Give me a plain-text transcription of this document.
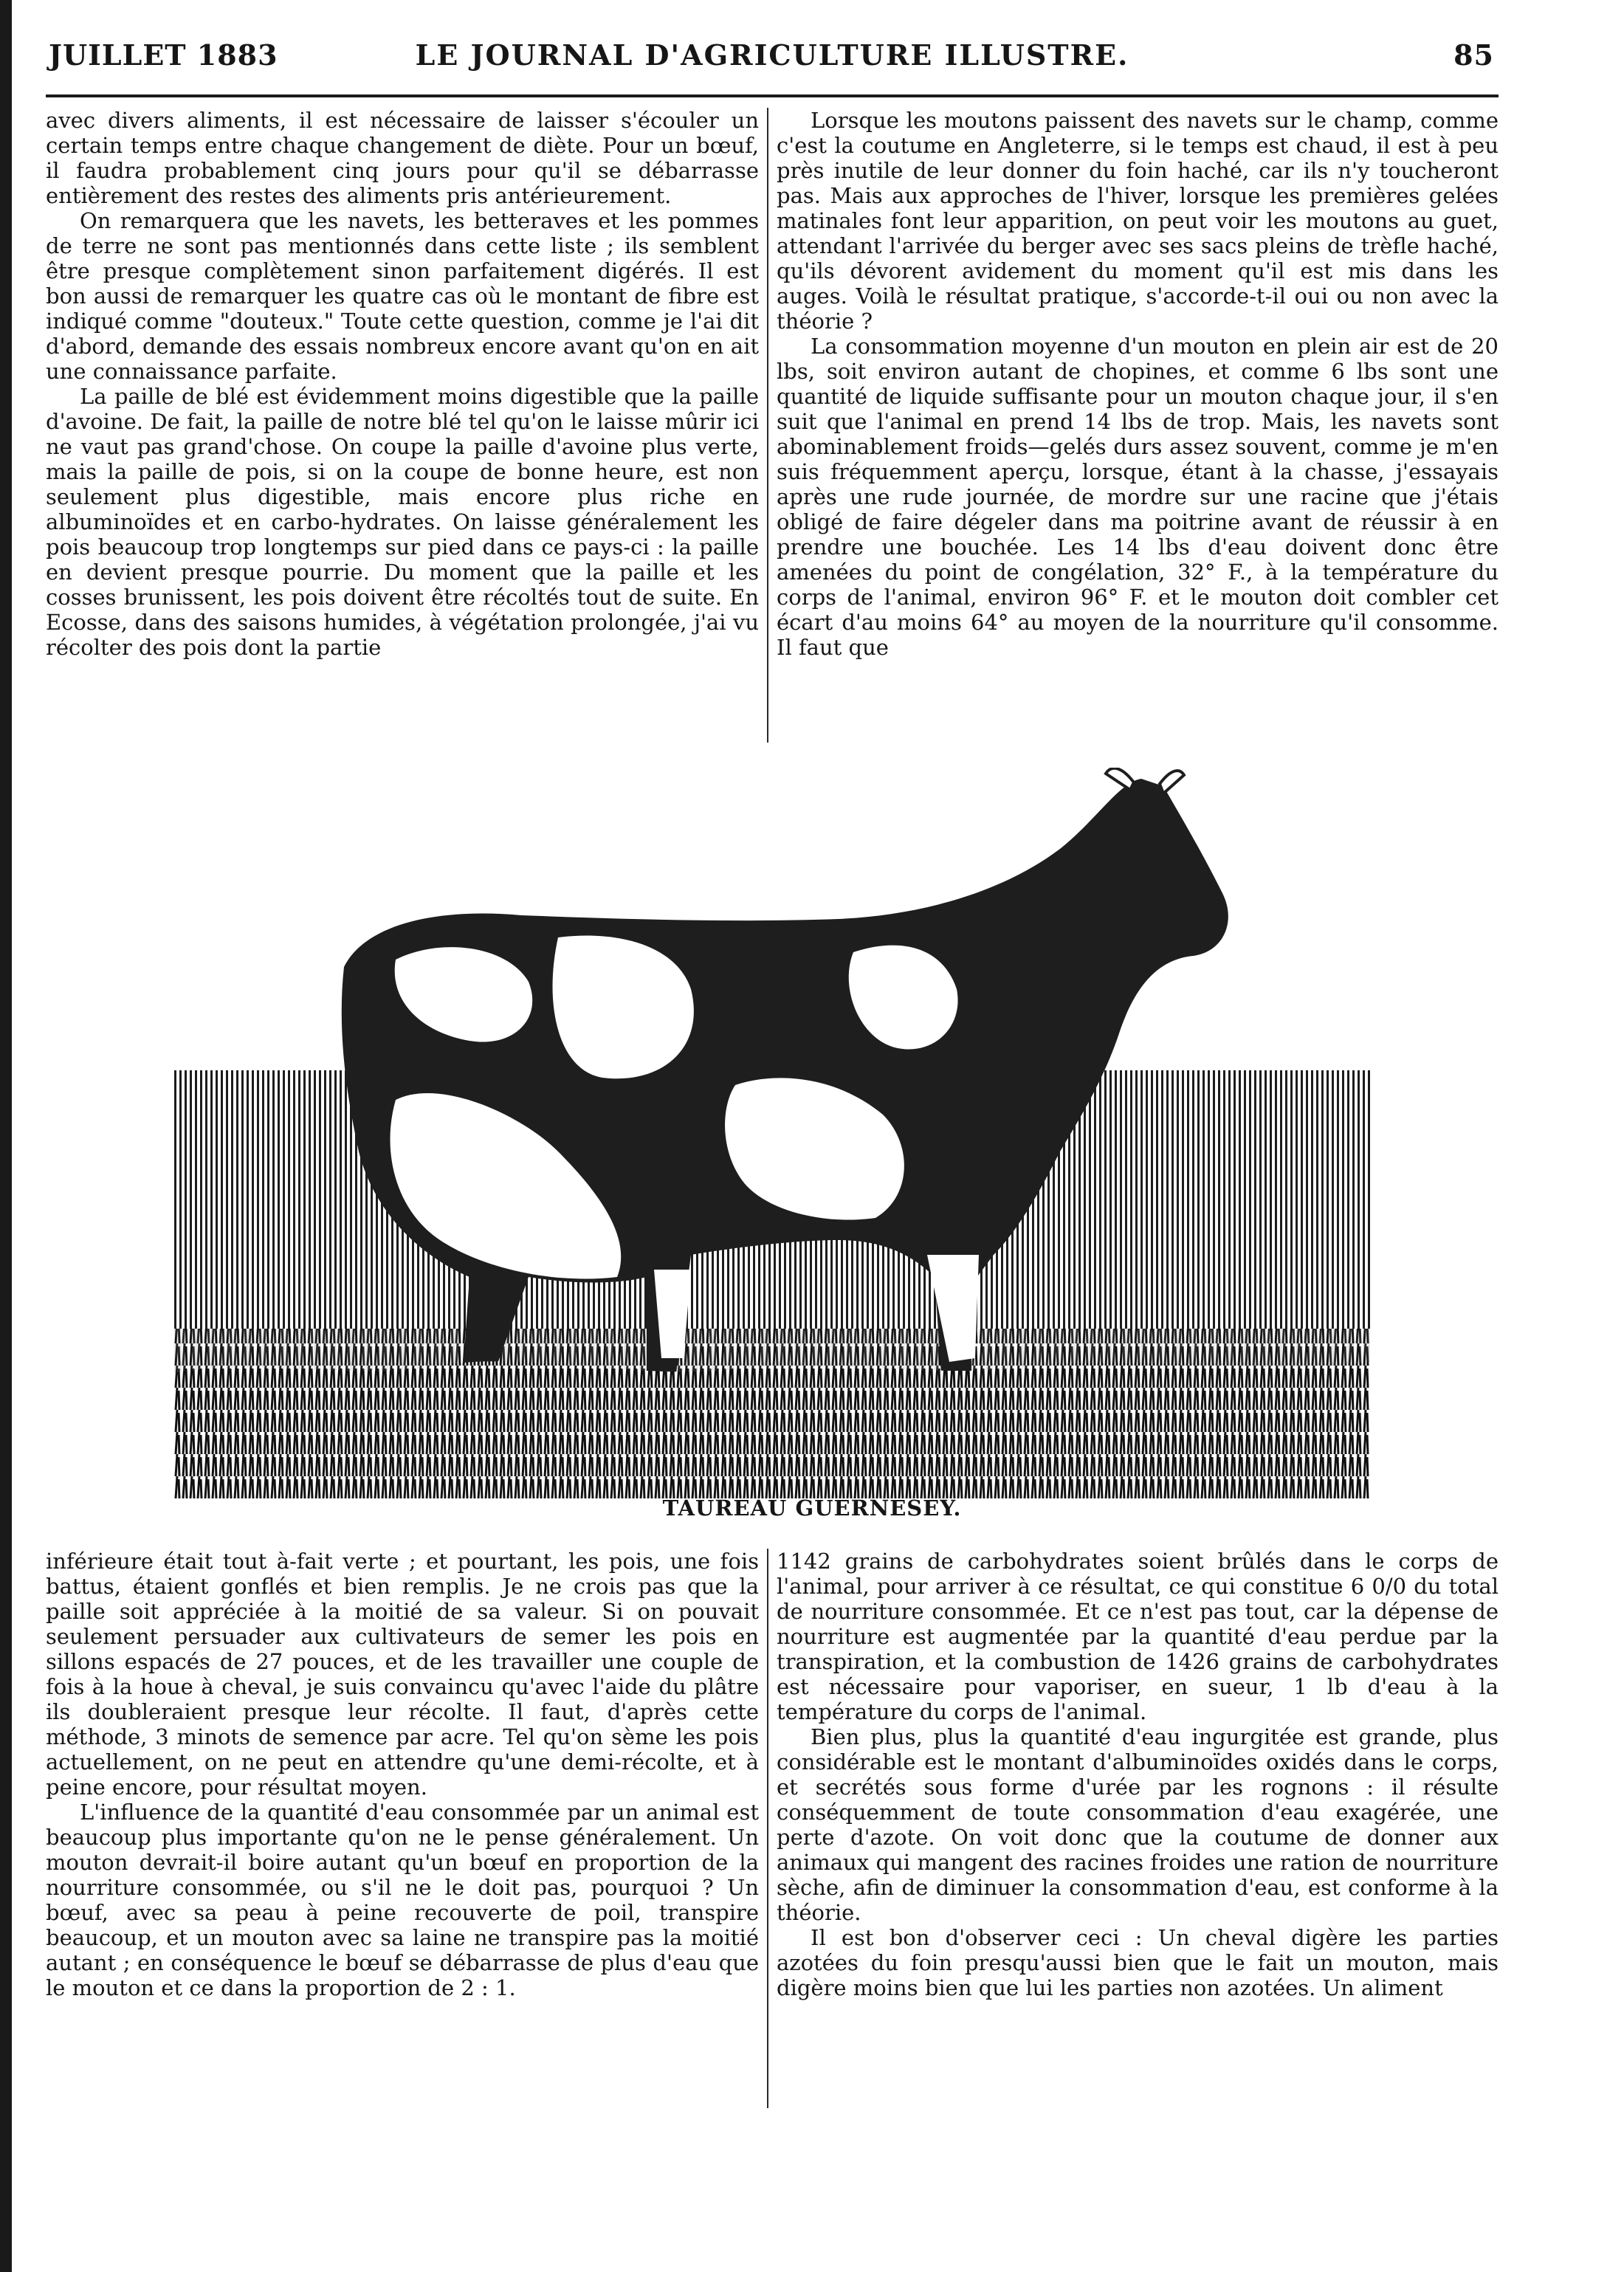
JUILLET 1883	LE JOURNAL D'AGRICULTURE ILLUSTRE.	85

avec divers aliments, il est nécessaire de laisser s'écouler un certain temps entre chaque changement de diète. Pour un bœuf, il faudra probablement cinq jours pour qu'il se débarrasse entièrement des restes des aliments pris antérieurement.

On remarquera que les navets, les betteraves et les pommes de terre ne sont pas mentionnés dans cette liste ; ils semblent être presque complètement sinon parfaitement digérés. Il est bon aussi de remarquer les quatre cas où le montant de fibre est indiqué comme "douteux." Toute cette question, comme je l'ai dit d'abord, demande des essais nombreux encore avant qu'on en ait une connaissance parfaite.

La paille de blé est évidemment moins digestible que la paille d'avoine. De fait, la paille de notre blé tel qu'on le laisse mûrir ici ne vaut pas grand'chose. On coupe la paille d'avoine plus verte, mais la paille de pois, si on la coupe de bonne heure, est non seulement plus digestible, mais encore plus riche en albuminoïdes et en carbo-hydrates. On laisse généralement les pois beaucoup trop longtemps sur pied dans ce pays-ci : la paille en devient presque pourrie. Du moment que la paille et les cosses brunissent, les pois doivent être récoltés tout de suite. En Ecosse, dans des saisons humides, à végétation prolongée, j'ai vu récolter des pois dont la partie

Lorsque les moutons paissent des navets sur le champ, comme c'est la coutume en Angleterre, si le temps est chaud, il est à peu près inutile de leur donner du foin haché, car ils n'y toucheront pas. Mais aux approches de l'hiver, lorsque les premières gelées matinales font leur apparition, on peut voir les moutons au guet, attendant l'arrivée du berger avec ses sacs pleins de trèfle haché, qu'ils dévorent avidement du moment qu'il est mis dans les auges. Voilà le résultat pratique, s'accorde-t-il oui ou non avec la théorie ?

La consommation moyenne d'un mouton en plein air est de 20 lbs, soit environ autant de chopines, et comme 6 lbs sont une quantité de liquide suffisante pour un mouton chaque jour, il s'en suit que l'animal en prend 14 lbs de trop. Mais, les navets sont abominablement froids—gelés durs assez souvent, comme je m'en suis fréquemment aperçu, lorsque, étant à la chasse, j'essayais après une rude journée, de mordre sur une racine que j'étais obligé de faire dégeler dans ma poitrine avant de réussir à en prendre une bouchée. Les 14 lbs d'eau doivent donc être amenées du point de congélation, 32° F., à la température du corps de l'animal, environ 96° F. et le mouton doit combler cet écart d'au moins 64° au moyen de la nourriture qu'il consomme. Il faut que

TAUREAU GUERNESEY.

inférieure était tout à-fait verte ; et pourtant, les pois, une fois battus, étaient gonflés et bien remplis. Je ne crois pas que la paille soit appréciée à la moitié de sa valeur. Si on pouvait seulement persuader aux cultivateurs de semer les pois en sillons espacés de 27 pouces, et de les travailler une couple de fois à la houe à cheval, je suis convaincu qu'avec l'aide du plâtre ils doubleraient presque leur récolte. Il faut, d'après cette méthode, 3 minots de semence par acre. Tel qu'on sème les pois actuellement, on ne peut en attendre qu'une demi-récolte, et à peine encore, pour résultat moyen.

L'influence de la quantité d'eau consommée par un animal est beaucoup plus importante qu'on ne le pense généralement. Un mouton devrait-il boire autant qu'un bœuf en proportion de la nourriture consommée, ou s'il ne le doit pas, pourquoi ? Un bœuf, avec sa peau à peine recouverte de poil, transpire beaucoup, et un mouton avec sa laine ne transpire pas la moitié autant ; en conséquence le bœuf se débarrasse de plus d'eau que le mouton et ce dans la proportion de 2 : 1.

1142 grains de carbohydrates soient brûlés dans le corps de l'animal, pour arriver à ce résultat, ce qui constitue 6 0/0 du total de nourriture consommée. Et ce n'est pas tout, car la dépense de nourriture est augmentée par la quantité d'eau perdue par la transpiration, et la combustion de 1426 grains de carbohydrates est nécessaire pour vaporiser, en sueur, 1 lb d'eau à la température du corps de l'animal.

Bien plus, plus la quantité d'eau ingurgitée est grande, plus considérable est le montant d'albuminoïdes oxidés dans le corps, et secrétés sous forme d'urée par les rognons : il résulte conséquemment de toute consommation d'eau exagérée, une perte d'azote. On voit donc que la coutume de donner aux animaux qui mangent des racines froides une ration de nourriture sèche, afin de diminuer la consommation d'eau, est conforme à la théorie.

Il est bon d'observer ceci : Un cheval digère les parties azotées du foin presqu'aussi bien que le fait un mouton, mais digère moins bien que lui les parties non azotées. Un aliment
